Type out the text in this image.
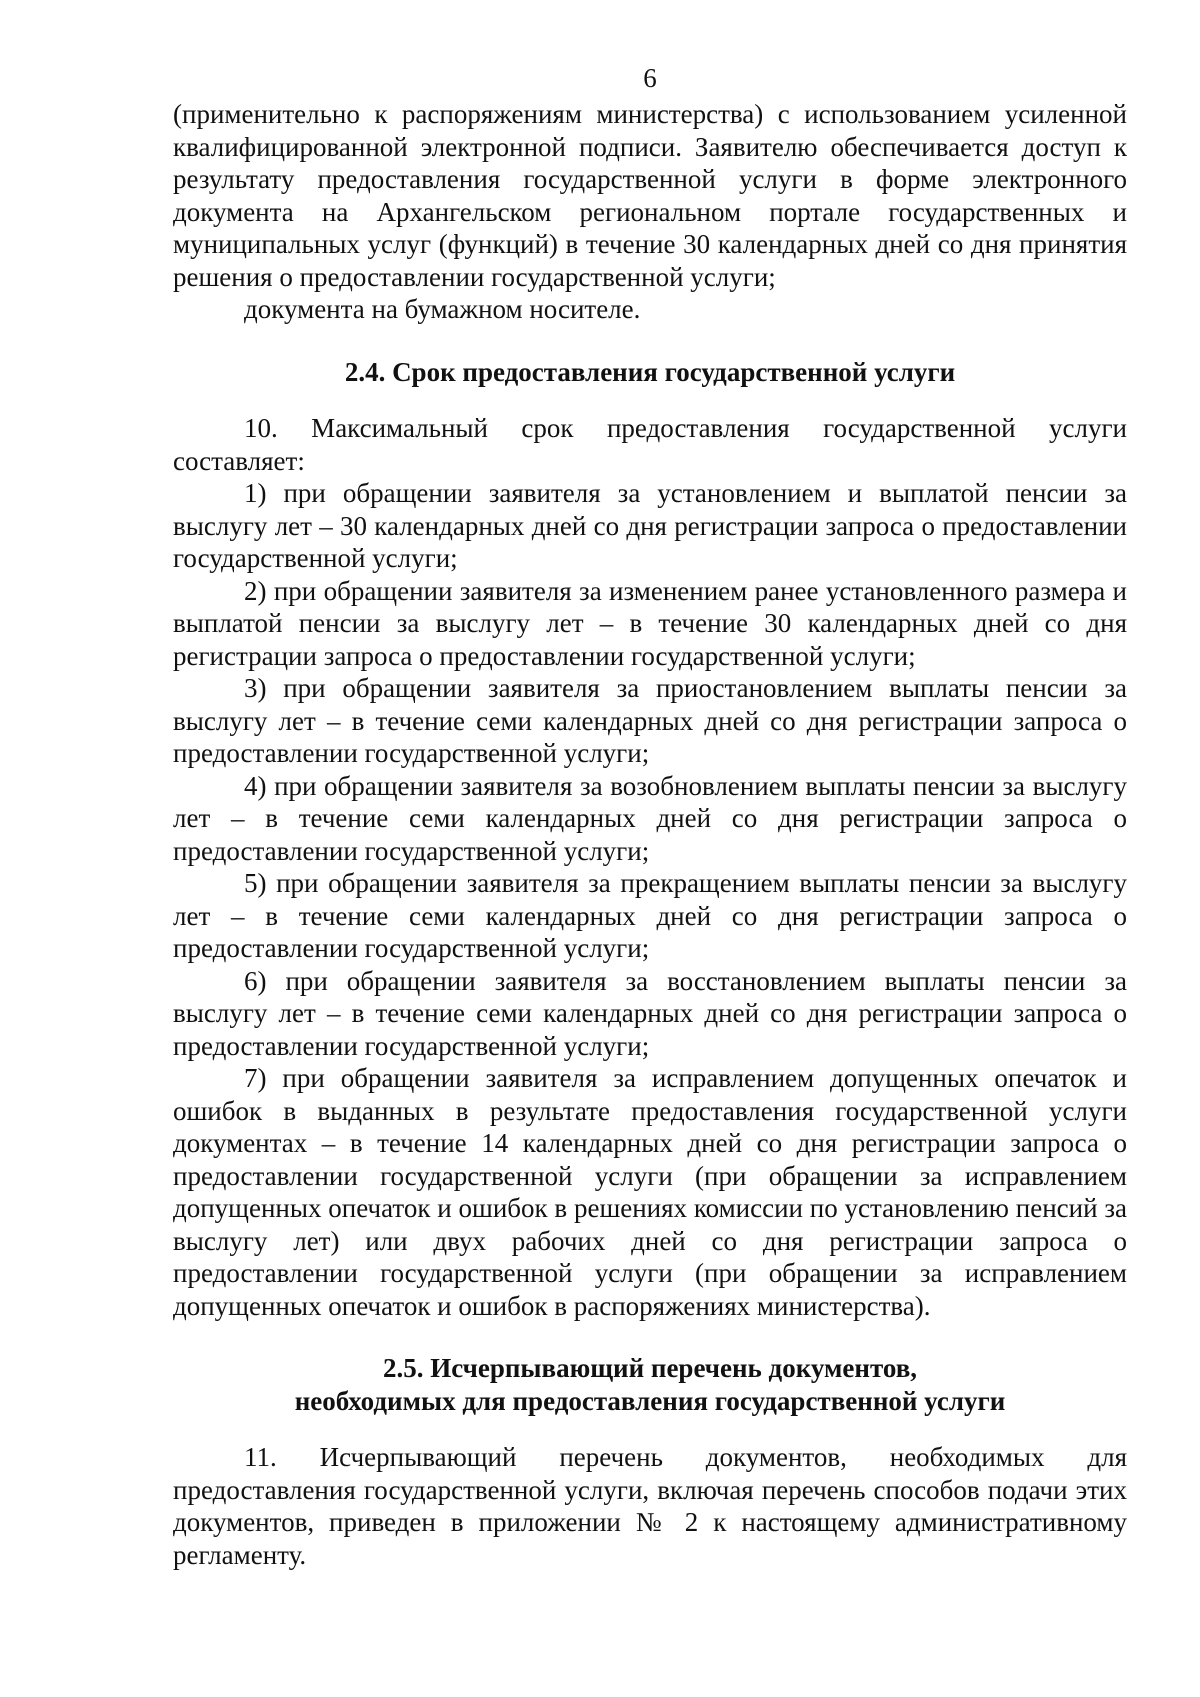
6

(применительно к распоряжениям министерства) с использованием усиленной квалифицированной электронной подписи. Заявителю обеспечивается доступ к результату предоставления государственной услуги в форме электронного документа на Архангельском региональном портале государственных и муниципальных услуг (функций) в течение 30 календарных дней со дня принятия решения о предоставлении государственной услуги;

документа на бумажном носителе.

2.4. Срок предоставления государственной услуги

10. Максимальный срок предоставления государственной услуги составляет:

1) при обращении заявителя за установлением и выплатой пенсии за выслугу лет – 30 календарных дней со дня регистрации запроса о предоставлении государственной услуги;

2) при обращении заявителя за изменением ранее установленного размера и выплатой пенсии за выслугу лет – в течение 30 календарных дней со дня регистрации запроса о предоставлении государственной услуги;

3) при обращении заявителя за приостановлением выплаты пенсии за выслугу лет – в течение семи календарных дней со дня регистрации запроса о предоставлении государственной услуги;

4) при обращении заявителя за возобновлением выплаты пенсии за выслугу лет – в течение семи календарных дней со дня регистрации запроса о предоставлении государственной услуги;

5) при обращении заявителя за прекращением выплаты пенсии за выслугу лет – в течение семи календарных дней со дня регистрации запроса о предоставлении государственной услуги;

6) при обращении заявителя за восстановлением выплаты пенсии за выслугу лет – в течение семи календарных дней со дня регистрации запроса о предоставлении государственной услуги;

7) при обращении заявителя за исправлением допущенных опечаток и ошибок в выданных в результате предоставления государственной услуги документах – в течение 14 календарных дней со дня регистрации запроса о предоставлении государственной услуги (при обращении за исправлением допущенных опечаток и ошибок в решениях комиссии по установлению пенсий за выслугу лет) или двух рабочих дней со дня регистрации запроса о предоставлении государственной услуги (при обращении за исправлением допущенных опечаток и ошибок в распоряжениях министерства).

2.5. Исчерпывающий перечень документов,

необходимых для предоставления государственной услуги

11. Исчерпывающий перечень документов, необходимых для предоставления государственной услуги, включая перечень способов подачи этих документов, приведен в приложении № 2 к настоящему административному регламенту.
